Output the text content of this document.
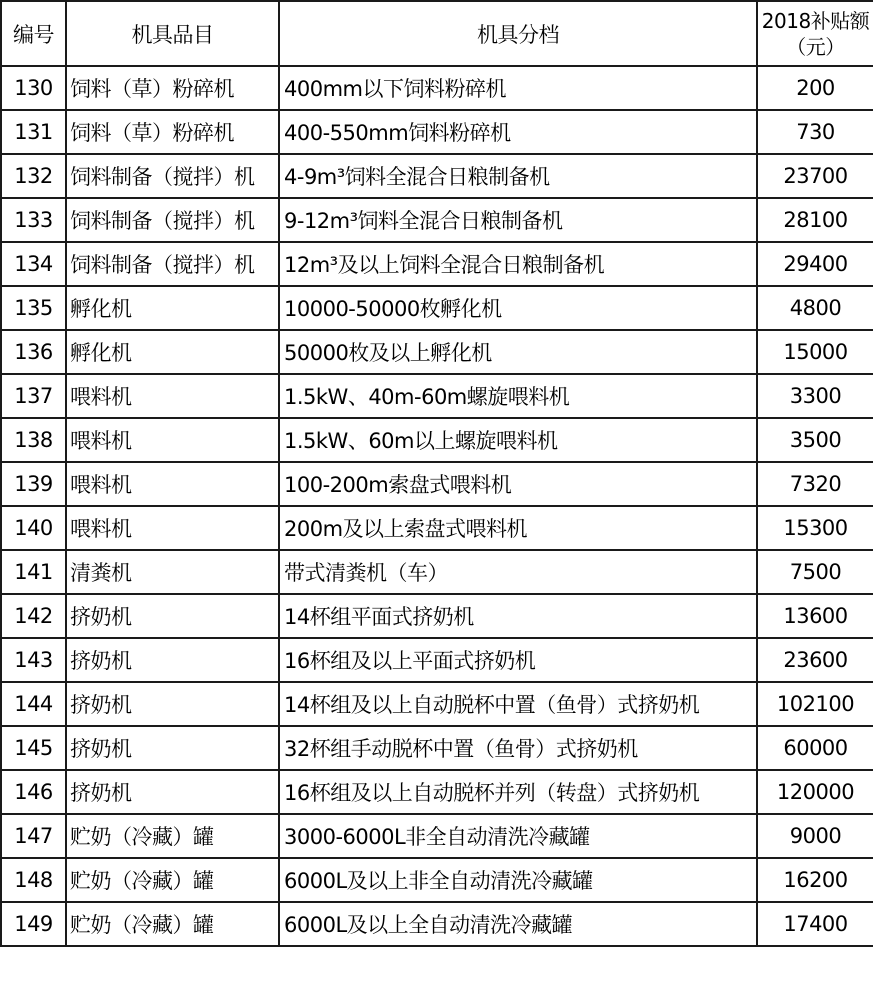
编号	机具品目	机具分档	2018补贴额（元）
130	饲料（草）粉碎机	400mm以下饲料粉碎机	200
131	饲料（草）粉碎机	400-550mm饲料粉碎机	730
132	饲料制备（搅拌）机	4-9m³饲料全混合日粮制备机	23700
133	饲料制备（搅拌）机	9-12m³饲料全混合日粮制备机	28100
134	饲料制备（搅拌）机	12m³及以上饲料全混合日粮制备机	29400
135	孵化机	10000-50000枚孵化机	4800
136	孵化机	50000枚及以上孵化机	15000
137	喂料机	1.5kW、40m-60m螺旋喂料机	3300
138	喂料机	1.5kW、60m以上螺旋喂料机	3500
139	喂料机	100-200m索盘式喂料机	7320
140	喂料机	200m及以上索盘式喂料机	15300
141	清粪机	带式清粪机（车）	7500
142	挤奶机	14杯组平面式挤奶机	13600
143	挤奶机	16杯组及以上平面式挤奶机	23600
144	挤奶机	14杯组及以上自动脱杯中置（鱼骨）式挤奶机	102100
145	挤奶机	32杯组手动脱杯中置（鱼骨）式挤奶机	60000
146	挤奶机	16杯组及以上自动脱杯并列（转盘）式挤奶机	120000
147	贮奶（冷藏）罐	3000-6000L非全自动清洗冷藏罐	9000
148	贮奶（冷藏）罐	6000L及以上非全自动清洗冷藏罐	16200
149	贮奶（冷藏）罐	6000L及以上全自动清洗冷藏罐	17400
